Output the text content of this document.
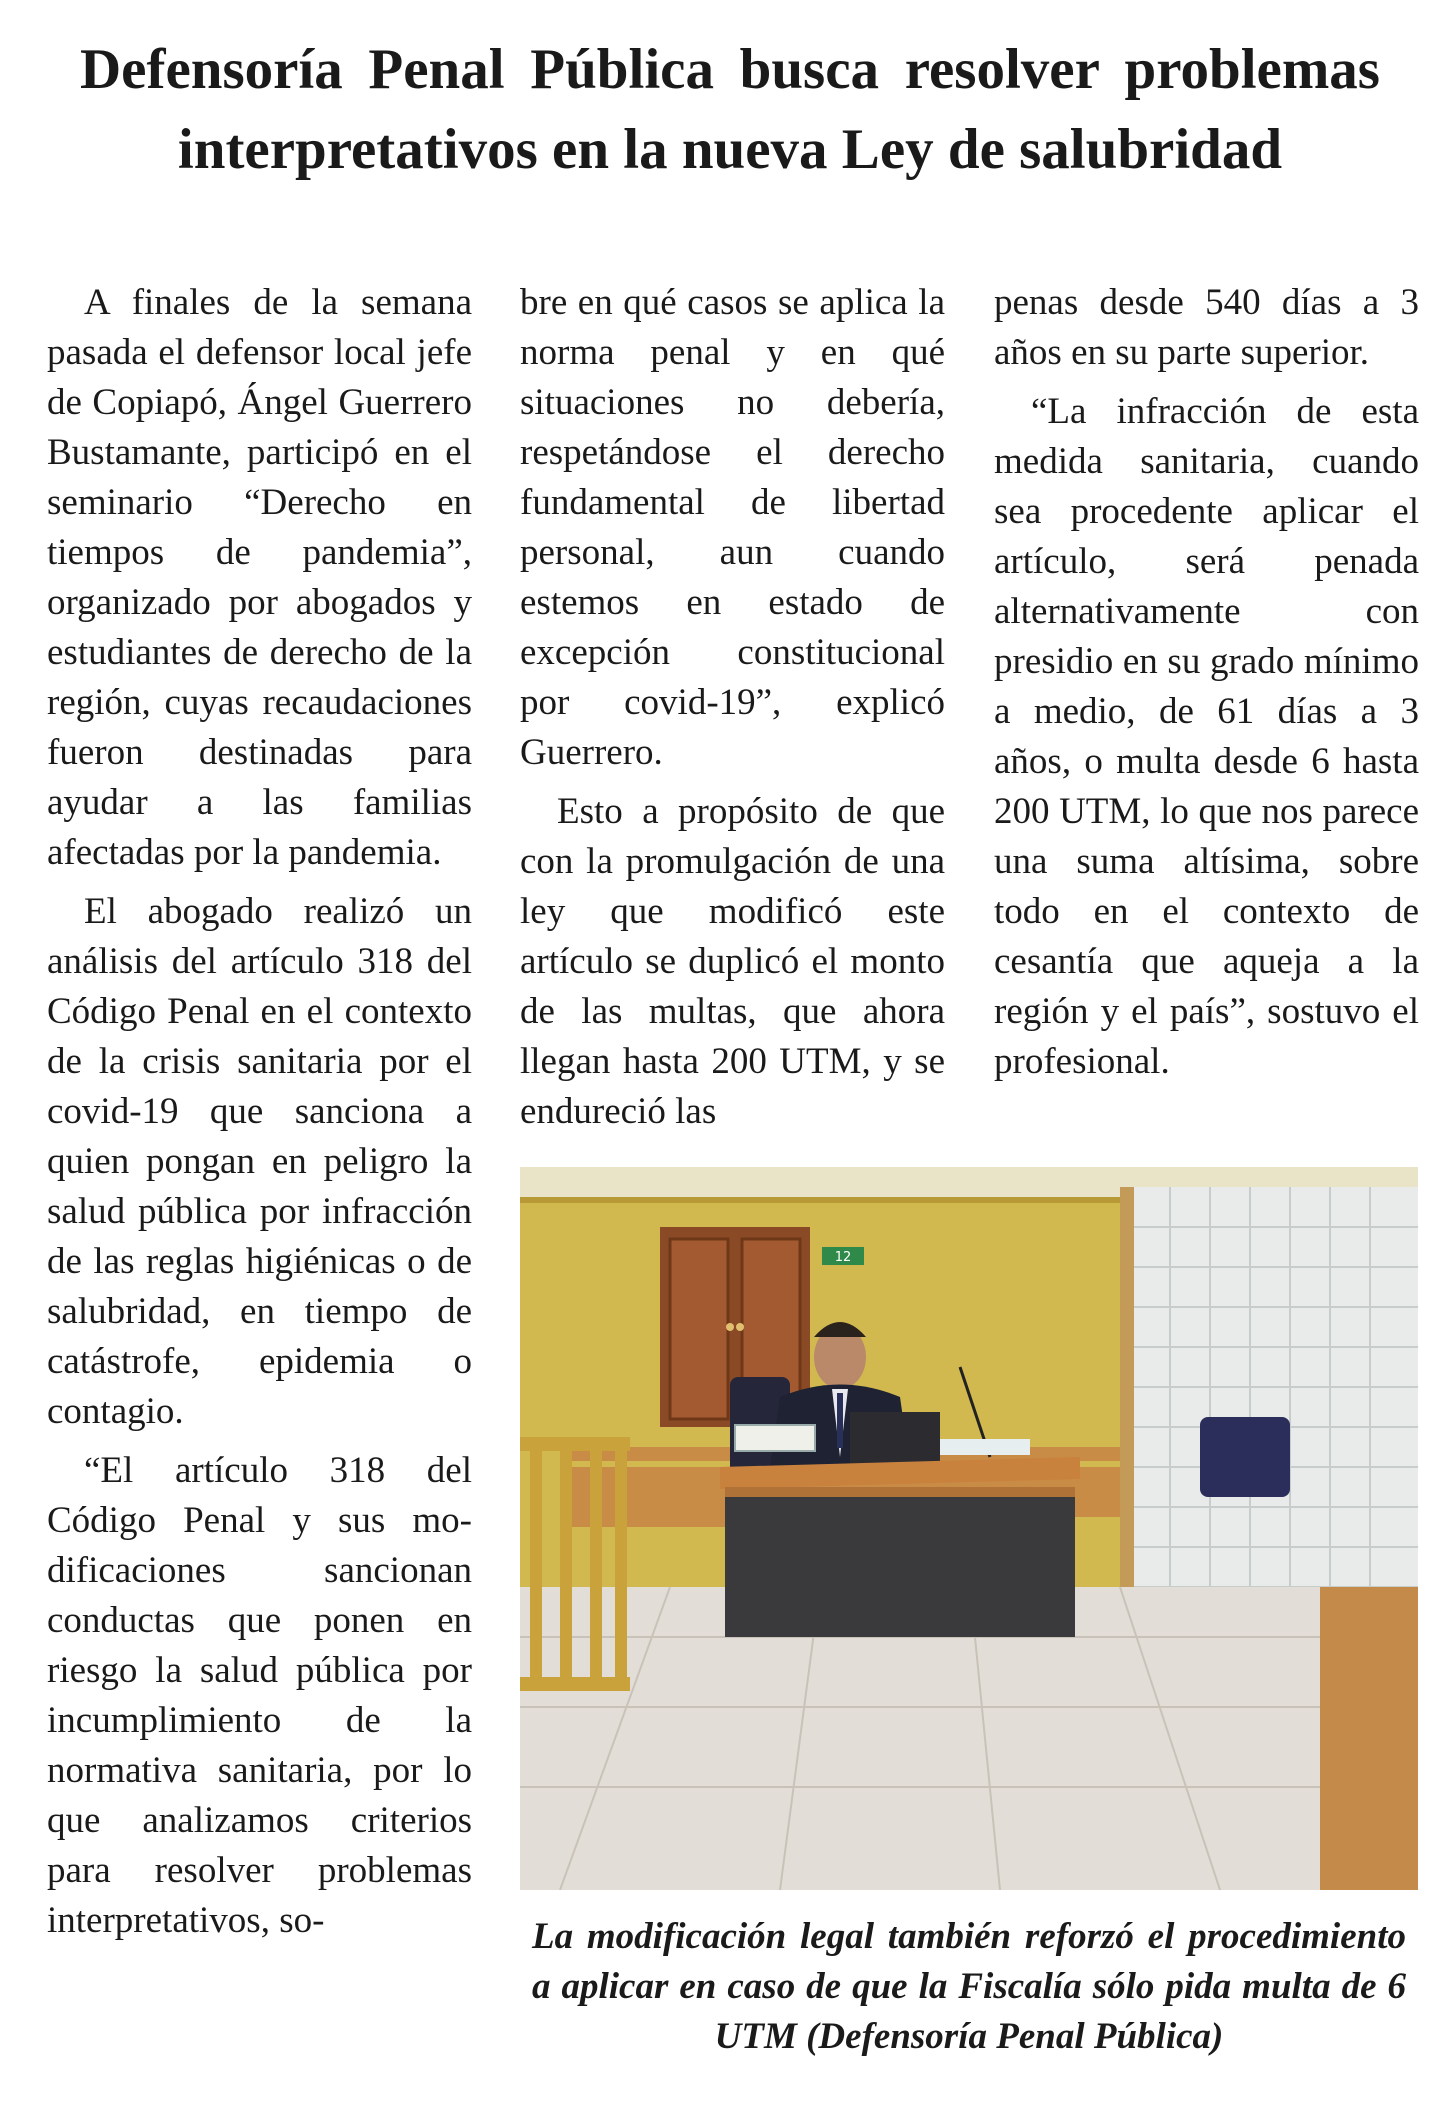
Defensoría Penal Pública busca resolver problemas interpretativos en la nueva Ley de salubridad

A finales de la semana pasada el defensor local jefe de Copiapó, Ángel Guerrero Bustamante, participó en el seminario “Derecho en tiempos de pandemia”, organizado por abogados y estudiantes de derecho de la región, cuyas recaudaciones fueron destinadas para ayudar a las familias afectadas por la pandemia.

El abogado realizó un análisis del artículo 318 del Código Penal en el contexto de la crisis sanitaria por el covid-19 que sanciona a quien pongan en peligro la salud pública por infracción de las reglas higiénicas o de salubridad, en tiempo de catástrofe, epidemia o contagio.

“El artículo 318 del Código Penal y sus modificaciones sancionan conductas que ponen en riesgo la salud pública por incumplimiento de la normativa sanitaria, por lo que analizamos criterios para resolver problemas interpretativos, so-

bre en qué casos se aplica la norma penal y en qué situaciones no debería, respetándose el derecho fundamental de libertad personal, aun cuando estemos en estado de excepción constitucional por covid-19”, explicó Guerrero.

Esto a propósito de que con la promulgación de una ley que modificó este artículo se duplicó el monto de las multas, que ahora llegan hasta 200 UTM, y se endureció las

penas desde 540 días a 3 años en su parte superior.

“La infracción de esta medida sanitaria, cuando sea procedente aplicar el artículo, será penada alternativamente con presidio en su grado mínimo a medio, de 61 días a 3 años, o multa desde 6 hasta 200 UTM, lo que nos parece una suma altísima, sobre todo en el contexto de cesantía que aqueja a la región y el país”, sostuvo el profesional.

12
La modificación legal también reforzó el procedimiento a aplicar en caso de que la Fiscalía sólo pida multa de 6 UTM (Defensoría Penal Pública)
